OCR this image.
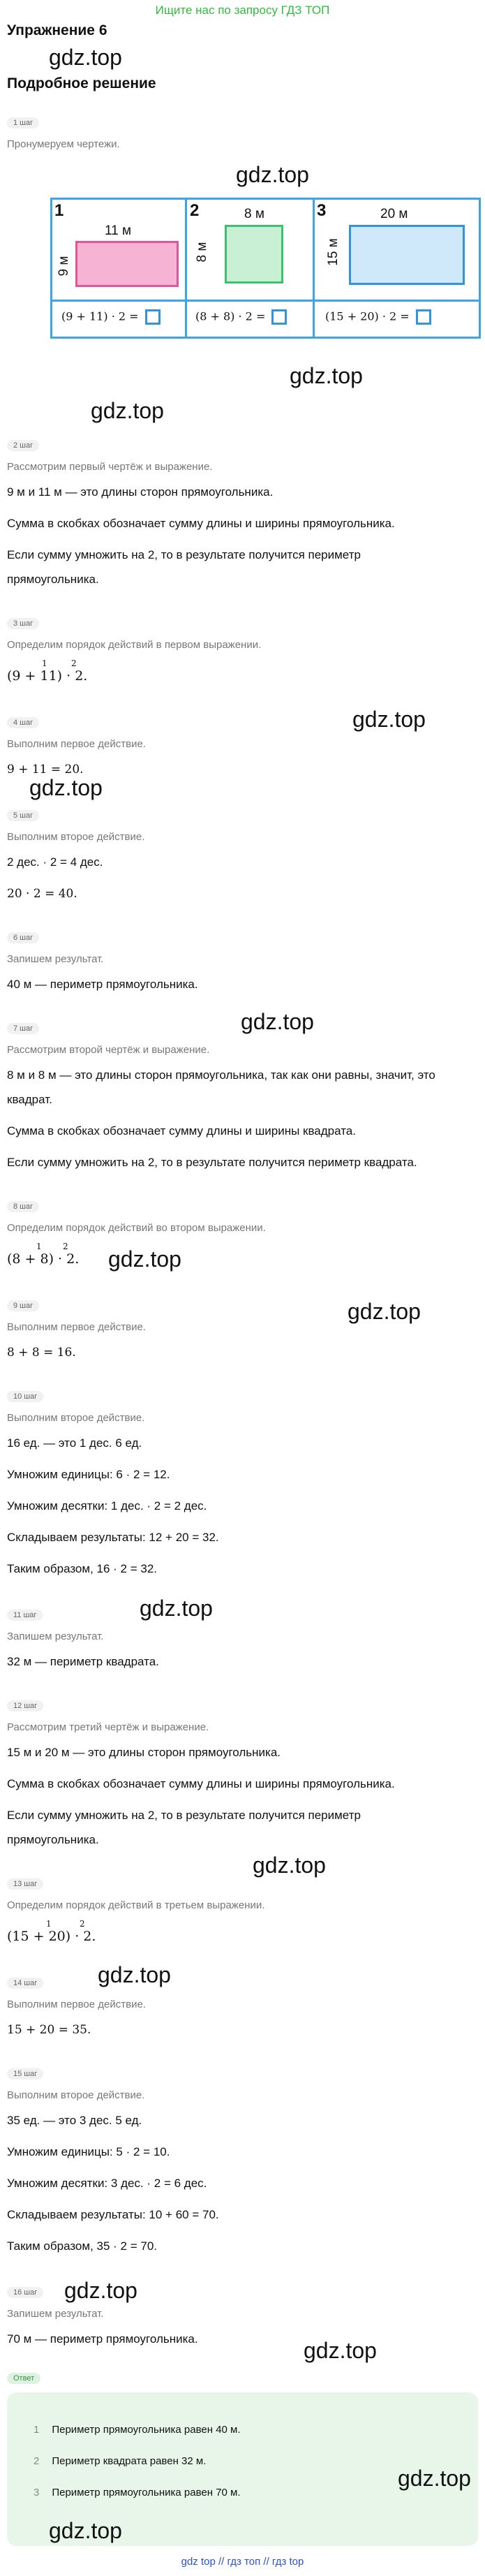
Ищите нас по запросу ГДЗ ТОП
Упражнение 6
gdz.top
Подробное решение
1 шаг
Пронумеруем чертежи.
gdz.top
1
11 м
9 м
(9 + 11) · 2 =
2	8 м
8 м
(8 + 8) · 2 =
3	20 м
15 м
(15 + 20) · 2 =
gdz.top
gdz.top
2 шаг
Рассмотрим первый чертёж и выражение.
9 м и 11 м — это длины сторон прямоугольника.
Сумма в скобках обозначает сумму длины и ширины прямоугольника.
Если сумму умножить на 2, то в результате получится периметр
прямоугольника.
3 шаг
Определим порядок действий в первом выражении.
1	2
(9 + 11) · 2.
gdz.top
4 шаг
Выполним первое действие.
9 + 11 = 20.
gdz.top
5 шаг
Выполним второе действие.
2 дес. · 2 = 4 дес.
20 · 2 = 40.
6 шаг
Запишем результат.
40 м — периметр прямоугольника.
gdz.top
7 шаг
Рассмотрим второй чертёж и выражение.
8 м и 8 м — это длины сторон прямоугольника, так как они равны, значит, это
квадрат.
Сумма в скобках обозначает сумму длины и ширины квадрата.
Если сумму умножить на 2, то в результате получится периметр квадрата.
8 шаг
Определим порядок действий во втором выражении.
1	2
(8 + 8) · 2. gdz.top
gdz.top
9 шаг
Выполним первое действие.
8 + 8 = 16.
10 шаг
Выполним второе действие.
16 ед. — это 1 дес. 6 ед.
Умножим единицы: 6 · 2 = 12.
Умножим десятки: 1 дес. · 2 = 2 дес.
Складываем результаты: 12 + 20 = 32.
Таким образом, 16 · 2 = 32.
gdz.top
11 шаг
Запишем результат.
32 м — периметр квадрата.
12 шаг
Рассмотрим третий чертёж и выражение.
15 м и 20 м — это длины сторон прямоугольника.
Сумма в скобках обозначает сумму длины и ширины прямоугольника.
Если сумму умножить на 2, то в результате получится периметр
прямоугольника.
gdz.top
13 шаг
Определим порядок действий в третьем выражении.
1	2
(15 + 20) · 2.
gdz.top
14 шаг
Выполним первое действие.
15 + 20 = 35.
15 шаг
Выполним второе действие.
35 ед. — это 3 дес. 5 ед.
Умножим единицы: 5 · 2 = 10.
Умножим десятки: 3 дес. · 2 = 6 дес.
Складываем результаты: 10 + 60 = 70.
Таким образом, 35 · 2 = 70.
16 шаг gdz.top
Запишем результат.
70 м — периметр прямоугольника.	gdz.top
Ответ
1 Периметр прямоугольника равен 40 м.
2 Периметр квадрата равен 32 м.
3 Периметр прямоугольника равен 70 м.
gdz.top
gdz.top
gdz top // гдз топ // гдз top
